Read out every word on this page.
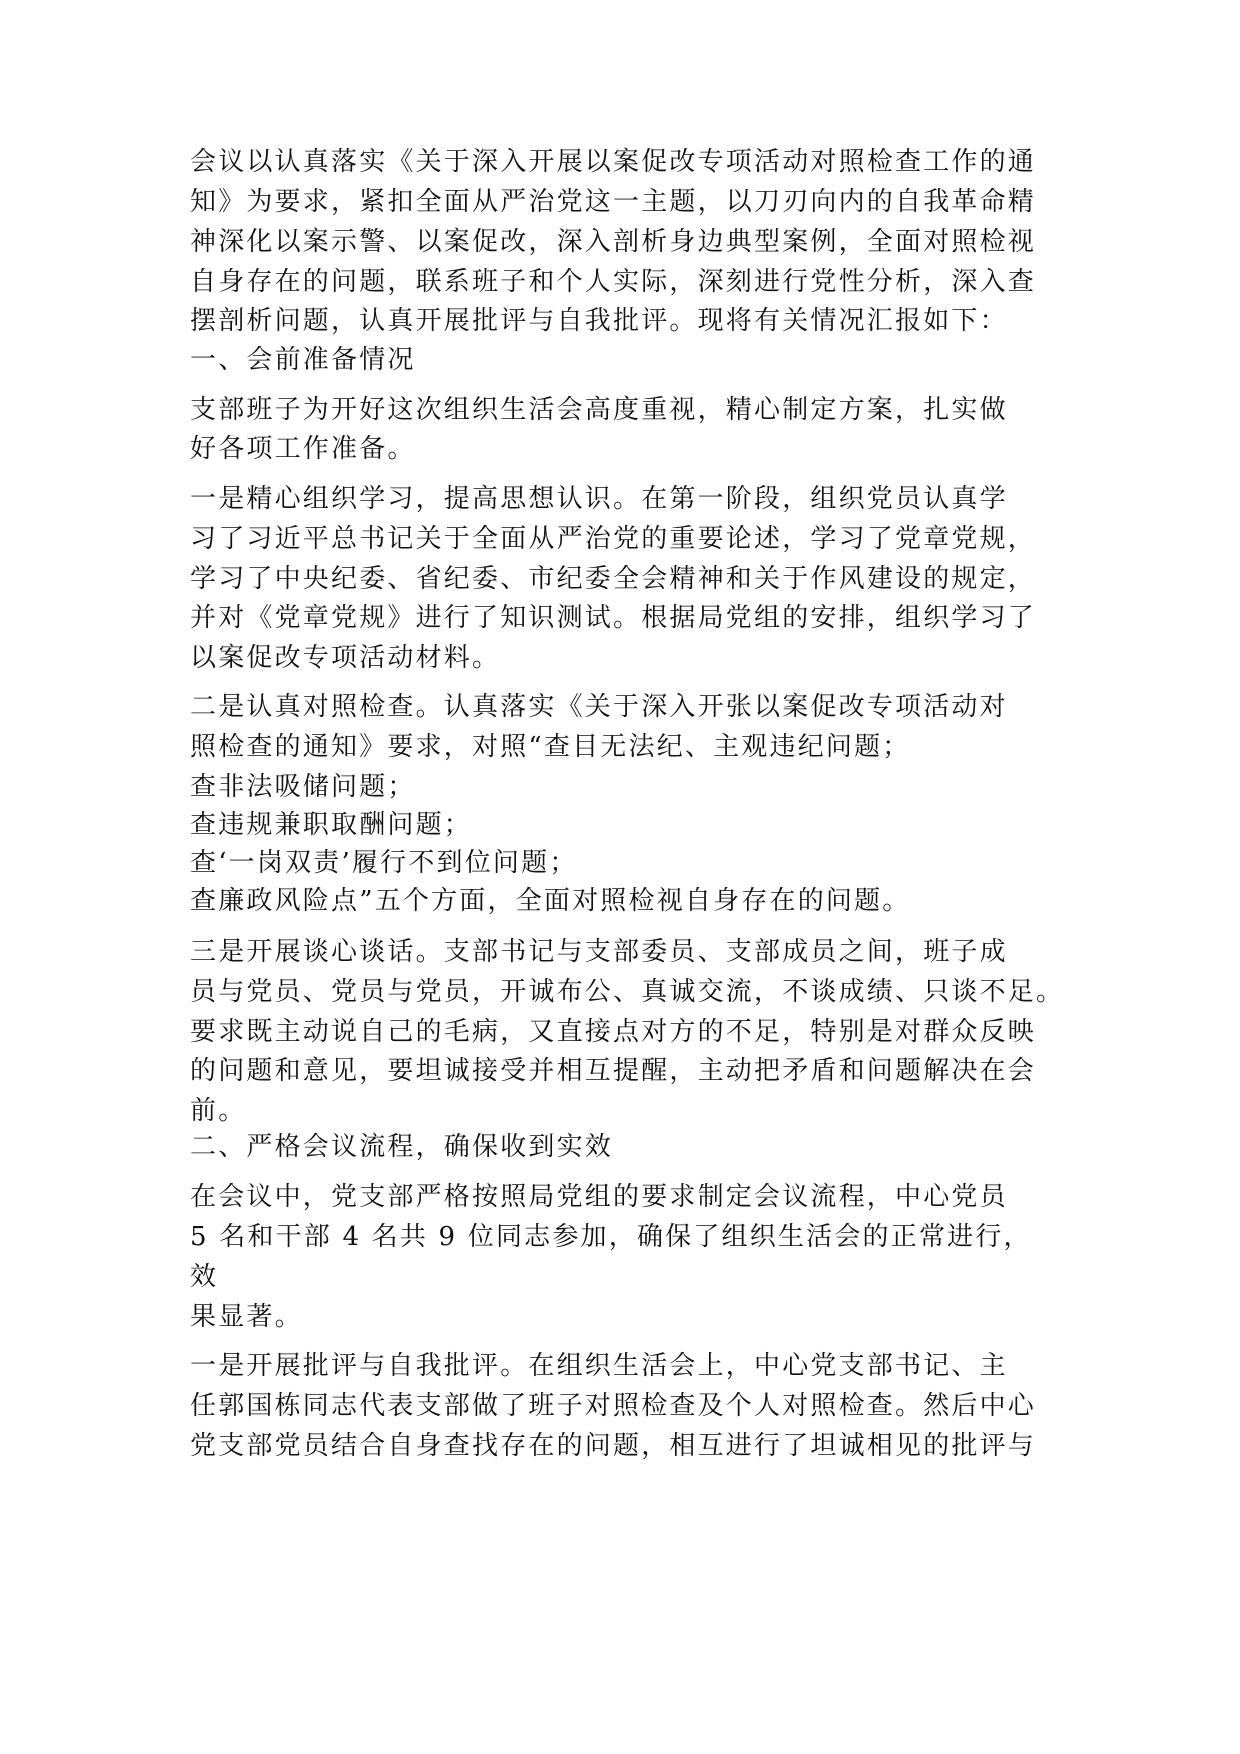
会议以认真落实《关于深入开展以案促改专项活动对照检查工作的通
知》为要求，紧扣全面从严治党这一主题，以刀刃向内的自我革命精
神深化以案示警、以案促改，深入剖析身边典型案例，全面对照检视
自身存在的问题，联系班子和个人实际，深刻进行党性分析，深入查
摆剖析问题，认真开展批评与自我批评。现将有关情况汇报如下：
一、会前准备情况
支部班子为开好这次组织生活会高度重视，精心制定方案，扎实做
好各项工作准备。
一是精心组织学习，提高思想认识。在第一阶段，组织党员认真学
习了习近平总书记关于全面从严治党的重要论述，学习了党章党规，
学习了中央纪委、省纪委、市纪委全会精神和关于作风建设的规定，
并对《党章党规》进行了知识测试。根据局党组的安排，组织学习了
以案促改专项活动材料。
二是认真对照检查。认真落实《关于深入开张以案促改专项活动对
照检查的通知》要求，对照“查目无法纪、主观违纪问题；
查非法吸储问题；
查违规兼职取酬问题；
查‘一岗双责’履行不到位问题；
查廉政风险点”五个方面，全面对照检视自身存在的问题。
三是开展谈心谈话。支部书记与支部委员、支部成员之间，班子成
员与党员、党员与党员，开诚布公、真诚交流，不谈成绩、只谈不足。
要求既主动说自己的毛病，又直接点对方的不足，特别是对群众反映
的问题和意见，要坦诚接受并相互提醒，主动把矛盾和问题解决在会
前。
二、严格会议流程，确保收到实效
在会议中，党支部严格按照局党组的要求制定会议流程，中心党员
5 名和干部 4 名共 9 位同志参加，确保了组织生活会的正常进行，
效
果显著。
一是开展批评与自我批评。在组织生活会上，中心党支部书记、主
任郭国栋同志代表支部做了班子对照检查及个人对照检查。然后中心
党支部党员结合自身查找存在的问题，相互进行了坦诚相见的批评与
